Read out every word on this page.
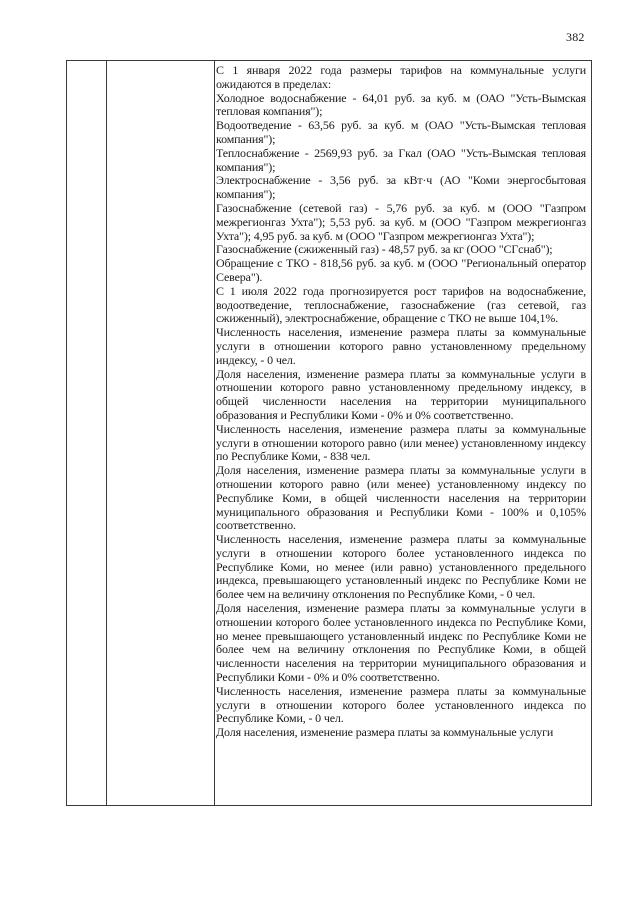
382

С 1 января 2022 года размеры тарифов на коммунальные услуги ожидаются в пределах:

Холодное водоснабжение - 64,01 руб. за куб. м (ОАО "Усть-Вымская тепловая компания");

Водоотведение - 63,56 руб. за куб. м (ОАО "Усть-Вымская тепловая компания");

Теплоснабжение - 2569,93 руб. за Гкал (ОАО "Усть-Вымская тепловая компания");

Электроснабжение - 3,56 руб. за кВт·ч (АО "Коми энергосбытовая компания");

Газоснабжение (сетевой газ) - 5,76 руб. за куб. м (ООО "Газпром межрегионгаз Ухта"); 5,53 руб. за куб. м (ООО "Газпром межрегионгаз Ухта"); 4,95 руб. за куб. м (ООО "Газпром межрегионгаз Ухта");

Газоснабжение (сжиженный газ) - 48,57 руб. за кг (ООО "СГснаб");

Обращение с ТКО - 818,56 руб. за куб. м (ООО "Региональный оператор Севера").

С 1 июля 2022 года прогнозируется рост тарифов на водоснабжение, водоотведение, теплоснабжение, газоснабжение (газ сетевой, газ сжиженный), электроснабжение, обращение с ТКО не выше 104,1%.

Численность населения, изменение размера платы за коммунальные услуги в отношении которого равно установленному предельному индексу, - 0 чел.

Доля населения, изменение размера платы за коммунальные услуги в отношении которого равно установленному предельному индексу, в общей численности населения на территории муниципального образования и Республики Коми - 0% и 0% соответственно.

Численность населения, изменение размера платы за коммунальные услуги в отношении которого равно (или менее) установленному индексу по Республике Коми, - 838 чел.

Доля населения, изменение размера платы за коммунальные услуги в отношении которого равно (или менее) установленному индексу по Республике Коми, в общей численности населения на территории муниципального образования и Республики Коми - 100% и 0,105% соответственно.

Численность населения, изменение размера платы за коммунальные услуги в отношении которого более установленного индекса по Республике Коми, но менее (или равно) установленного предельного индекса, превышающего установленный индекс по Республике Коми не более чем на величину отклонения по Республике Коми, - 0 чел.

Доля населения, изменение размера платы за коммунальные услуги в отношении которого более установленного индекса по Республике Коми, но менее превышающего установленный индекс по Республике Коми не более чем на величину отклонения по Республике Коми, в общей численности населения на территории муниципального образования и Республики Коми - 0% и 0% соответственно.

Численность населения, изменение размера платы за коммунальные услуги в отношении которого более установленного индекса по Республике Коми, - 0 чел.

Доля населения, изменение размера платы за коммунальные услуги
